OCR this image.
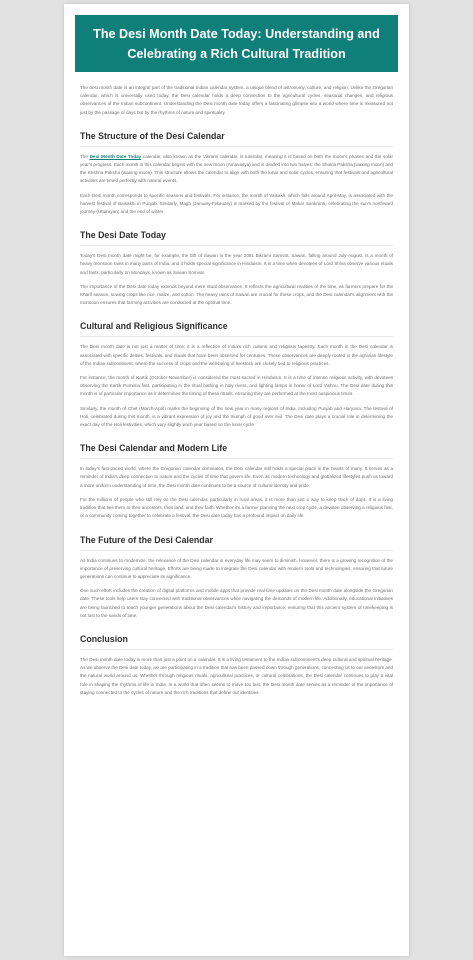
The Desi Month Date Today: Understanding and Celebrating a Rich Cultural Tradition

The desi month date is an integral part of the traditional Indian calendar system, a unique blend of astronomy, culture, and religion. Unlike the Gregorian calendar, which is universally used today, the Desi calendar holds a deep connection to the agricultural cycles, seasonal changes, and religious observances of the Indian subcontinent. Understanding the Desi month date today offers a fascinating glimpse into a world where time is measured not just by the passage of days but by the rhythms of nature and spirituality.

The Structure of the Desi Calendar

The Desi Month Date Today calendar, also known as the Vikrami calendar, is lunisolar, meaning it is based on both the moon's phases and the solar year's progress. Each month in this calendar begins with the new moon (Amavasya) and is divided into two halves: the Shukla Paksha (waxing moon) and the Krishna Paksha (waning moon). This structure allows the calendar to align with both the lunar and solar cycles, ensuring that festivals and agricultural activities are timed perfectly with natural events.

Each Desi month corresponds to specific seasons and festivals. For instance, the month of Vaisakh, which falls around April-May, is associated with the harvest festival of Baisakhi in Punjab. Similarly, Magh (January-February) is marked by the festival of Makar Sankranti, celebrating the sun's northward journey (Uttarayan) and the end of winter.

The Desi Date Today

Today's Desi month date might be, for example, the 5th of Sawan in the year 2081 Bikrami Samvat. Sawan, falling around July-August, is a month of heavy monsoon rains in many parts of India, and it holds special significance in Hinduism. It is a time when devotees of Lord Shiva observe various rituals and fasts, particularly on Mondays, known as Sawan Somvar.

The importance of the Desi date today extends beyond mere ritual observance. It reflects the agricultural realities of the time, as farmers prepare for the Kharif season, sowing crops like rice, maize, and cotton. The heavy rains of Sawan are crucial for these crops, and the Desi calendar's alignment with the monsoon ensures that farming activities are conducted at the optimal time.

Cultural and Religious Significance

The Desi month date is not just a matter of time; it is a reflection of India's rich cultural and religious tapestry. Each month in the Desi calendar is associated with specific deities, festivals, and rituals that have been observed for centuries. These observances are deeply rooted in the agrarian lifestyle of the Indian subcontinent, where the success of crops and the well-being of livestock are closely tied to religious practices.

For instance, the month of Kartik (October-November) is considered the most sacred in Hinduism. It is a time of intense religious activity, with devotees observing the Kartik Purnima fast, participating in the ritual bathing in holy rivers, and lighting lamps in honor of Lord Vishnu. The Desi date during this month is of particular importance as it determines the timing of these rituals, ensuring they are performed at the most auspicious times.

Similarly, the month of Chet (March-April) marks the beginning of the new year in many regions of India, including Punjab and Haryana. The festival of Holi, celebrated during this month, is a vibrant expression of joy and the triumph of good over evil. The Desi date plays a crucial role in determining the exact day of the Holi festivities, which vary slightly each year based on the lunar cycle.

The Desi Calendar and Modern Life

In today's fast-paced world, where the Gregorian calendar dominates, the Desi calendar still holds a special place in the hearts of many. It serves as a reminder of India's deep connection to nature and the cycles of time that govern life. Even as modern technology and globalized lifestyles push us toward a more uniform understanding of time, the Desi month date continues to be a source of cultural identity and pride.

For the millions of people who still rely on the Desi calendar, particularly in rural areas, it is more than just a way to keep track of days. It is a living tradition that ties them to their ancestors, their land, and their faith. Whether it's a farmer planning the next crop cycle, a devotee observing a religious fast, or a community coming together to celebrate a festival, the Desi date today has a profound impact on daily life.

The Future of the Desi Calendar

As India continues to modernize, the relevance of the Desi calendar in everyday life may seem to diminish. However, there is a growing recognition of the importance of preserving cultural heritage. Efforts are being made to integrate the Desi calendar with modern tools and technologies, ensuring that future generations can continue to appreciate its significance.

One such effort includes the creation of digital platforms and mobile apps that provide real-time updates on the Desi month date alongside the Gregorian date. These tools help users stay connected with traditional observances while navigating the demands of modern life. Additionally, educational initiatives are being launched to teach younger generations about the Desi calendar's history and importance, ensuring that this ancient system of timekeeping is not lost to the sands of time.

Conclusion

The Desi month date today is more than just a point on a calendar. It is a living testament to the Indian subcontinent's deep cultural and spiritual heritage. As we observe the Desi date today, we are participating in a tradition that has been passed down through generations, connecting us to our ancestors and the natural world around us. Whether through religious rituals, agricultural practices, or cultural celebrations, the Desi calendar continues to play a vital role in shaping the rhythms of life in India. In a world that often seems to move too fast, the Desi month date serves as a reminder of the importance of staying connected to the cycles of nature and the rich traditions that define our identities.
